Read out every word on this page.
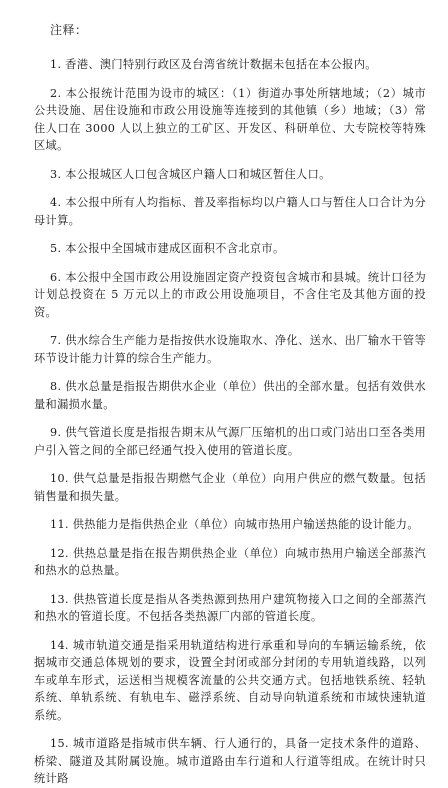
注释：

1. 香港、澳门特别行政区及台湾省统计数据未包括在本公报内。

2. 本公报统计范围为设市的城区：（1）街道办事处所辖地域；（2）城市公共设施、居住设施和市政公用设施等连接到的其他镇（乡）地域；（3）常住人口在 3000 人以上独立的工矿区、开发区、科研单位、大专院校等特殊区域。

3. 本公报城区人口包含城区户籍人口和城区暂住人口。

4. 本公报中所有人均指标、普及率指标均以户籍人口与暂住人口合计为分母计算。

5. 本公报中全国城市建成区面积不含北京市。

6. 本公报中全国市政公用设施固定资产投资包含城市和县城。统计口径为计划总投资在 5 万元以上的市政公用设施项目，不含住宅及其他方面的投资。

7. 供水综合生产能力是指按供水设施取水、净化、送水、出厂输水干管等环节设计能力计算的综合生产能力。

8. 供水总量是指报告期供水企业（单位）供出的全部水量。包括有效供水量和漏损水量。

9. 供气管道长度是指报告期末从气源厂压缩机的出口或门站出口至各类用户引入管之间的全部已经通气投入使用的管道长度。

10. 供气总量是指报告期燃气企业（单位）向用户供应的燃气数量。包括销售量和损失量。

11. 供热能力是指供热企业（单位）向城市热用户输送热能的设计能力。

12. 供热总量是指在报告期供热企业（单位）向城市热用户输送全部蒸汽和热水的总热量。

13. 供热管道长度是指从各类热源到热用户建筑物接入口之间的全部蒸汽和热水的管道长度。不包括各类热源厂内部的管道长度。

14. 城市轨道交通是指采用轨道结构进行承重和导向的车辆运输系统，依据城市交通总体规划的要求，设置全封闭或部分封闭的专用轨道线路，以列车或单车形式，运送相当规模客流量的公共交通方式。包括地铁系统、轻轨系统、单轨系统、有轨电车、磁浮系统、自动导向轨道系统和市域快速轨道系统。

15. 城市道路是指城市供车辆、行人通行的，具备一定技术条件的道路、桥梁、隧道及其附属设施。城市道路由车行道和人行道等组成。在统计时只统计路
